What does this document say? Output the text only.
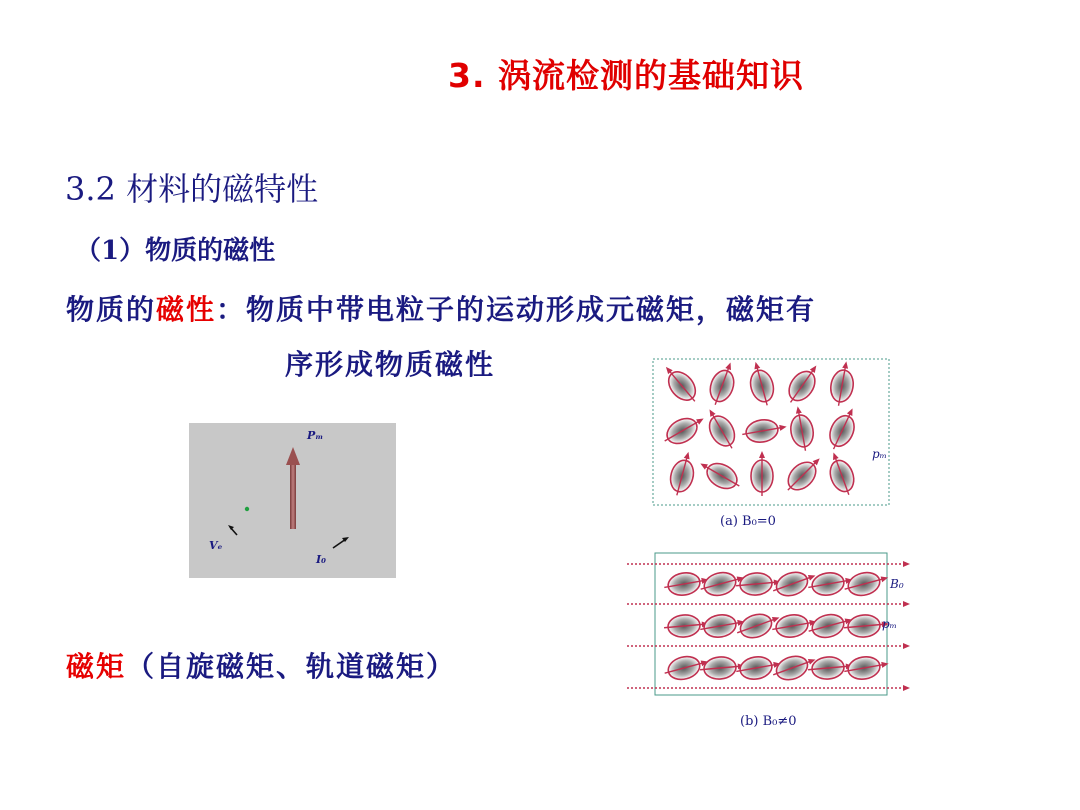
3. 涡流检测的基础知识
3.2 材料的磁特性
（1）物质的磁性
物质的磁性：物质中带电粒子的运动形成元磁矩，磁矩有
序形成物质磁性
磁矩（自旋磁矩、轨道磁矩）
Pₘ
Vₑ
I₀
pₘ
(a) B₀=0
B₀
pₘ
(b) B₀≠0
